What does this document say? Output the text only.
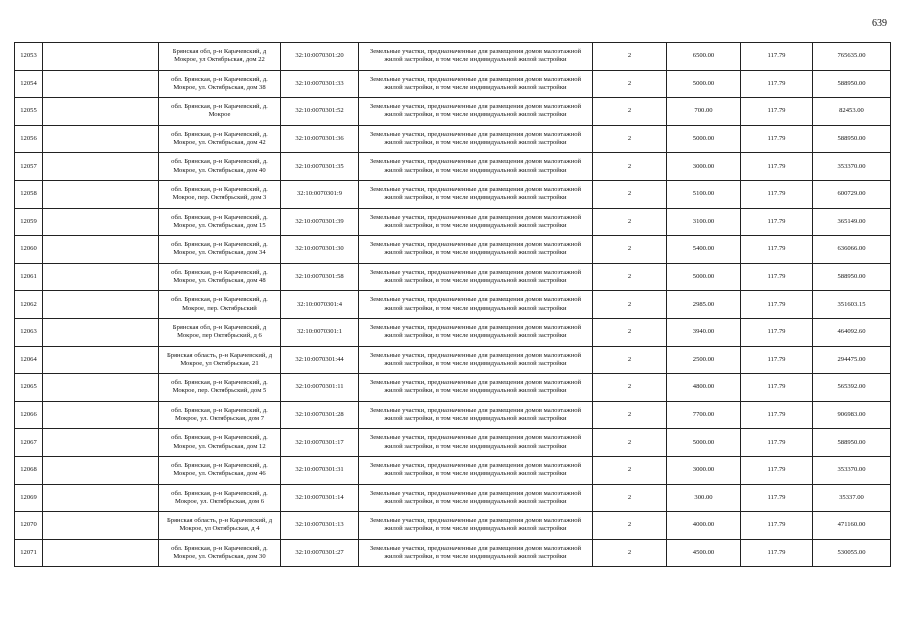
639
12053		Брянская обл, р-н Карачевский, д Мокрое, ул Октябрьская, дом 22	32:10:0070301:20	Земельные участки, предназначенные для размещения домов малоэтажной жилой застройки, в том числе индивидуальной жилой застройки	2	6500.00	117.79	765635.00
12054		обл. Брянская, р-н Карачевский, д. Мокрое, ул. Октябрьская, дом 38	32:10:0070301:33	Земельные участки, предназначенные для размещения домов малоэтажной жилой застройки, в том числе индивидуальной жилой застройки	2	5000.00	117.79	588950.00
12055		обл. Брянская, р-н Карачевский, д. Мокрое	32:10:0070301:52	Земельные участки, предназначенные для размещения домов малоэтажной жилой застройки, в том числе индивидуальной жилой застройки	2	700.00	117.79	82453.00
12056		обл. Брянская, р-н Карачевский, д. Мокрое, ул. Октябрьская, дом 42	32:10:0070301:36	Земельные участки, предназначенные для размещения домов малоэтажной жилой застройки, в том числе индивидуальной жилой застройки	2	5000.00	117.79	588950.00
12057		обл. Брянская, р-н Карачевский, д. Мокрое, ул. Октябрьская, дом 40	32:10:0070301:35	Земельные участки, предназначенные для размещения домов малоэтажной жилой застройки, в том числе индивидуальной жилой застройки	2	3000.00	117.79	353370.00
12058		обл. Брянская, р-н Карачевский, д. Мокрое, пер. Октябрьский, дом 3	32:10:0070301:9	Земельные участки, предназначенные для размещения домов малоэтажной жилой застройки, в том числе индивидуальной жилой застройки	2	5100.00	117.79	600729.00
12059		обл. Брянская, р-н Карачевский, д. Мокрое, ул. Октябрьская, дом 15	32:10:0070301:39	Земельные участки, предназначенные для размещения домов малоэтажной жилой застройки, в том числе индивидуальной жилой застройки	2	3100.00	117.79	365149.00
12060		обл. Брянская, р-н Карачевский, д. Мокрое, ул. Октябрьская, дом 34	32:10:0070301:30	Земельные участки, предназначенные для размещения домов малоэтажной жилой застройки, в том числе индивидуальной жилой застройки	2	5400.00	117.79	636066.00
12061		обл. Брянская, р-н Карачевский, д. Мокрое, ул. Октябрьская, дом 48	32:10:0070301:58	Земельные участки, предназначенные для размещения домов малоэтажной жилой застройки, в том числе индивидуальной жилой застройки	2	5000.00	117.79	588950.00
12062		обл. Брянская, р-н Карачевский, д. Мокрое, пер. Октябрьский	32:10:0070301:4	Земельные участки, предназначенные для размещения домов малоэтажной жилой застройки, в том числе индивидуальной жилой застройки	2	2985.00	117.79	351603.15
12063		Брянская обл, р-н Карачевский, д Мокрое, пер Октябрьский, д 6	32:10:0070301:1	Земельные участки, предназначенные для размещения домов малоэтажной жилой застройки, в том числе индивидуальной жилой застройки	2	3940.00	117.79	464092.60
12064		Брянская область, р-н Карачевский, д Мокрое, ул Октябрьская, 21	32:10:0070301:44	Земельные участки, предназначенные для размещения домов малоэтажной жилой застройки, в том числе индивидуальной жилой застройки	2	2500.00	117.79	294475.00
12065		обл. Брянская, р-н Карачевский, д. Мокрое, пер. Октябрьский, дом 5	32:10:0070301:11	Земельные участки, предназначенные для размещения домов малоэтажной жилой застройки, в том числе индивидуальной жилой застройки	2	4800.00	117.79	565392.00
12066		обл. Брянская, р-н Карачевский, д. Мокрое, ул. Октябрьская, дом 7	32:10:0070301:28	Земельные участки, предназначенные для размещения домов малоэтажной жилой застройки, в том числе индивидуальной жилой застройки	2	7700.00	117.79	906983.00
12067		обл. Брянская, р-н Карачевский, д. Мокрое, ул. Октябрьская, дом 12	32:10:0070301:17	Земельные участки, предназначенные для размещения домов малоэтажной жилой застройки, в том числе индивидуальной жилой застройки	2	5000.00	117.79	588950.00
12068		обл. Брянская, р-н Карачевский, д. Мокрое, ул. Октябрьская, дом 46	32:10:0070301:31	Земельные участки, предназначенные для размещения домов малоэтажной жилой застройки, в том числе индивидуальной жилой застройки	2	3000.00	117.79	353370.00
12069		обл. Брянская, р-н Карачевский, д. Мокрое, ул. Октябрьская, дом 6	32:10:0070301:14	Земельные участки, предназначенные для размещения домов малоэтажной жилой застройки, в том числе индивидуальной жилой застройки	2	300.00	117.79	35337.00
12070		Брянская область, р-н Карачевский, д Мокрое, ул Октябрьская, д 4	32:10:0070301:13	Земельные участки, предназначенные для размещения домов малоэтажной жилой застройки, в том числе индивидуальной жилой застройки	2	4000.00	117.79	471160.00
12071		обл. Брянская, р-н Карачевский, д. Мокрое, ул. Октябрьская, дом 30	32:10:0070301:27	Земельные участки, предназначенные для размещения домов малоэтажной жилой застройки, в том числе индивидуальной жилой застройки	2	4500.00	117.79	530055.00
